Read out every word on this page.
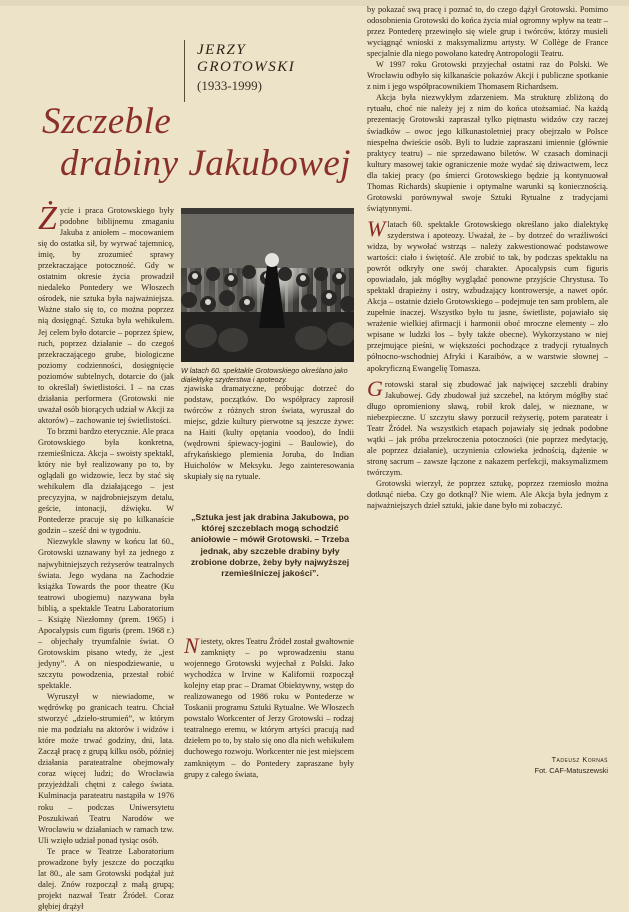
JERZY GROTOWSKI
(1933-1999)
Szczeble
drabiny Jakubowej

Życie i praca Grotowskiego były podobne biblijnemu zmaganiu Jakuba z aniołem – mocowaniem się do ostatka sił, by wyrwać tajemnicę, imię, by zrozumieć sprawy przekraczające potoczność. Gdy w ostatnim okresie życia prowadził niedaleko Pontedery we Włoszech ośrodek, nie sztuka była najważniejsza. Ważne stało się to, co można poprzez nią dosięgnąć. Sztuka była wehikułem. Jej celem było dotarcie – poprzez śpiew, ruch, poprzez działanie – do czegoś przekraczającego grube, biologiczne poziomy codzienności, dosięgnięcie poziomów subtelnych, dotarcie do (jak to określał) świetlistości. I – na czas działania performera (Grotowski nie uważał osób biorących udział w Akcji za aktorów) – zachowanie tej świetlistości.

To brzmi bardzo eterycznie. Ale praca Grotowskiego była konkretna, rzemieślnicza. Akcja – swoisty spektakl, który nie był realizowany po to, by oglądali go widzowie, lecz by stać się wehikułem dla działającego – jest precyzyjna, w najdrobniejszym detalu, geście, intonacji, dźwięku. W Pontederze pracuje się po kilkanaście godzin – sześć dni w tygodniu.

Niezwykle sławny w końcu lat 60., Grotowski uznawany był za jednego z najwybitniejszych reżyserów teatralnych świata. Jego wydana na Zachodzie książka Towards the poor theatre (Ku teatrowi ubogiemu) nazywana była biblią, a spektakle Teatru Laboratorium – Książę Niezłomny (prem. 1965) i Apocalypsis cum figuris (prem. 1968 r.) – objechały tryumfalnie świat. O Grotowskim pisano wtedy, że „jest jedyny”. A on niespodziewanie, u szczytu powodzenia, przestał robić spektakle.

Wyruszył w niewiadome, w wędrówkę po granicach teatru. Chciał stworzyć „dzieło-strumień”, w którym nie ma podziału na aktorów i widzów i które może trwać godziny, dni, lata. Zaczął pracę z grupą kilku osób, później działania parateatralne obejmowały coraz więcej ludzi; do Wrocławia przyjeżdżali chętni z całego świata. Kulminacja parateatru nastąpiła w 1976 roku – podczas Uniwersytetu Poszukiwań Teatru Narodów we Wrocławiu w działaniach w ramach tzw. Uli wzięło udział ponad tysiąc osób.

Te prace w Teatrze Laboratorium prowadzone były jeszcze do początku lat 80., ale sam Grotowski podążał już dalej. Znów rozpoczął z małą grupą; projekt nazwał Teatr Źródeł. Coraz głębiej drążył

W latach 60. spektakle Grotowskiego określano jako dialektykę szyderstwa i apoteozy.

zjawiska dramatyczne, próbując dotrzeć do podstaw, początków. Do współpracy zaprosił twórców z różnych stron świata, wyruszał do miejsc, gdzie kultury pierwotne są jeszcze żywe: na Haiti (kulty opętania voodoo), do Indii (wędrowni śpiewacy-jogini – Baulowie), do afrykańskiego plemienia Joruba, do Indian Huicholów w Meksyku. Jego zainteresowania skupiały się na rytuale.

„Sztuka jest jak drabina Jakubowa, po której szczeblach mogą schodzić aniołowie – mówił Grotowski. – Trzeba jednak, aby szczeble drabiny były zrobione dobrze, żeby były najwyższej rzemieślniczej jakości”.

Niestety, okres Teatru Źródeł został gwałtownie zamknięty – po wprowadzeniu stanu wojennego Grotowski wyjechał z Polski. Jako wychodźca w Irvine w Kalifornii rozpoczął kolejny etap prac – Dramat Obiektywny, wstęp do realizowanego od 1986 roku w Pontederze w Toskanii programu Sztuki Rytualne. We Włoszech powstało Workcenter of Jerzy Grotowski – rodzaj teatralnego eremu, w którym artyści pracują nad dziełem po to, by stało się ono dla nich wehikułem duchowego rozwoju. Workcenter nie jest miejscem zamkniętym – do Pontedery zapraszane były grupy z całego świata,

by pokazać swą pracę i poznać to, do czego dążył Grotowski. Pomimo odosobnienia Grotowski do końca życia miał ogromny wpływ na teatr – przez Pontederę przewinęło się wiele grup i twórców, którzy musieli wyciągnąć wnioski z maksymalizmu artysty. W Collège de France specjalnie dla niego powołano katedrę Antropologii Teatru.

W 1997 roku Grotowski przyjechał ostatni raz do Polski. We Wrocławiu odbyło się kilkanaście pokazów Akcji i publiczne spotkanie z nim i jego współpracownikiem Thomasem Richardsem.

Akcja była niezwykłym zdarzeniem. Ma strukturę zbliżoną do rytuału, choć nie należy jej z nim do końca utożsamiać. Na każdą prezentację Grotowski zapraszał tylko piętnastu widzów czy raczej świadków – owoc jego kilkunastoletniej pracy obejrzało w Polsce niespełna dwieście osób. Byli to ludzie zapraszani imiennie (głównie praktycy teatru) – nie sprzedawano biletów. W czasach dominacji kultury masowej takie ograniczenie może wydać się dziwactwem, lecz dla takiej pracy (po śmierci Grotowskiego będzie ją kontynuował Thomas Richards) skupienie i optymalne warunki są koniecznością. Grotowski porównywał swoje Sztuki Rytualne z tradycjami świątynnymi.

Wlatach 60. spektakle Grotowskiego określano jako dialektykę szyderstwa i apoteozy. Uważał, że – by dotrzeć do wrażliwości widza, by wywołać wstrząs – należy zakwestionować podstawowe wartości: ciało i świętość. Ale zrobić to tak, by podczas spektaklu na powrót odkryły one swój charakter. Apocalypsis cum figuris opowiadało, jak mógłby wyglądać ponowne przyjście Chrystusa. To spektakl drapieżny i ostry, wzbudzający kontrowersje, a nawet opór. Akcja – ostatnie dzieło Grotowskiego – podejmuje ten sam problem, ale zupełnie inaczej. Wszystko było tu jasne, świetliste, pojawiało się wrażenie wielkiej afirmacji i harmonii oboć mroczne elementy – zło wpisane w ludzki los – były także obecne). Wykorzystano w niej przejmujące pieśni, w większości pochodzące z tradycji rytualnych północno-wschodniej Afryki i Karaibów, a w warstwie słownej – apokryficzną Ewangelię Tomasza.

Grotowski starał się zbudować jak najwięcej szczebli drabiny Jakubowej. Gdy zbudował już szczebel, na którym mógłby stać długo opromieniony sławą, robił krok dalej, w nieznane, w niebezpieczne. U szczytu sławy porzucił reżyserię, potem parateatr i Teatr Źródeł. Na wszystkich etapach pojawiały się jednak podobne wątki – jak próba przekroczenia potoczności (nie poprzez medytację, ale poprzez działanie), uczynienia człowieka jednością, dążenie w stronę sacrum – zawsze łączone z nakazem perfekcji, maksymalizmem twórczym.

Grotowski wierzył, że poprzez sztukę, poprzez rzemiosło można dotknąć nieba. Czy go dotknął? Nie wiem. Ale Akcja była jednym z najważniejszych dzieł sztuki, jakie dane było mi zobaczyć.

Tadeusz Kornaś
Fot. CAF-Matuszewski
